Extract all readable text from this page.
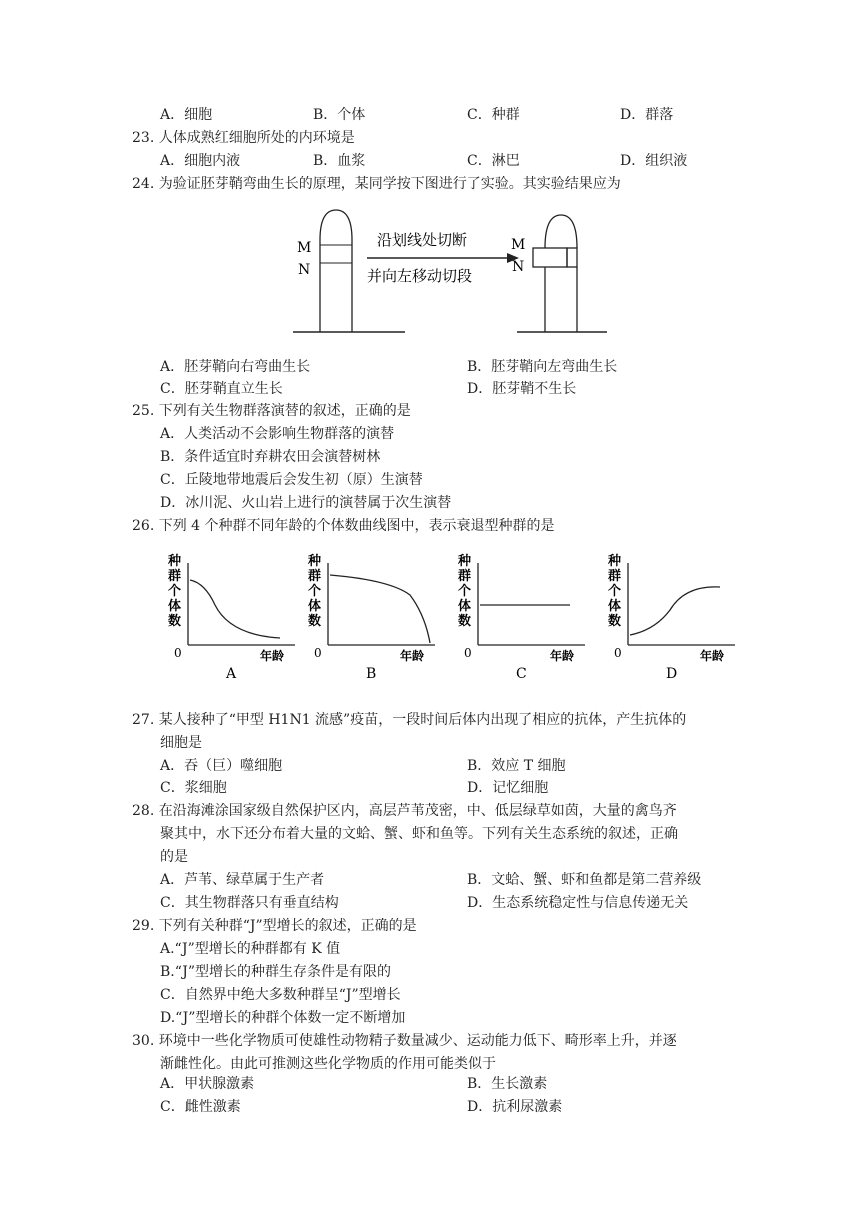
A．细胞	B．个体	C．种群	D．群落
23. 人体成熟红细胞所处的内环境是
A．细胞内液	B．血浆	C．淋巴	D．组织液
24. 为验证胚芽鞘弯曲生长的原理，某同学按下图进行了实验。其实验结果应为
M
N
沿划线处切断
并向左移动切段
M
N
A．胚芽鞘向右弯曲生长	B．胚芽鞘向左弯曲生长
C．胚芽鞘直立生长	D．胚芽鞘不生长
25. 下列有关生物群落演替的叙述，正确的是
A．人类活动不会影响生物群落的演替
B．条件适宜时弃耕农田会演替树林
C．丘陵地带地震后会发生初（原）生演替
D．冰川泥、火山岩上进行的演替属于次生演替
26. 下列 4 个种群不同年龄的个体数曲线图中，表示衰退型种群的是
种
群
个
体
数
0	年龄
A
种
群
个
体
数
0	年龄
B
种
群
个
体
数
0	年龄
C
种
群
个
体
数
0	年龄
D
27. 某人接种了“甲型 H1N1 流感”疫苗，一段时间后体内出现了相应的抗体，产生抗体的
细胞是
A．吞（巨）噬细胞	B．效应 T 细胞
C．浆细胞	D．记忆细胞
28. 在沿海滩涂国家级自然保护区内，高层芦苇茂密，中、低层绿草如茵，大量的禽鸟齐
聚其中，水下还分布着大量的文蛤、蟹、虾和鱼等。下列有关生态系统的叙述，正确
的是
A．芦苇、绿草属于生产者	B．文蛤、蟹、虾和鱼都是第二营养级
C．其生物群落只有垂直结构	D．生态系统稳定性与信息传递无关
29. 下列有关种群“J”型增长的叙述，正确的是
A.“J”型增长的种群都有 K 值
B.“J”型增长的种群生存条件是有限的
C．自然界中绝大多数种群呈“J”型增长
D.“J”型增长的种群个体数一定不断增加
30. 环境中一些化学物质可使雄性动物精子数量减少、运动能力低下、畸形率上升，并逐
渐雌性化。由此可推测这些化学物质的作用可能类似于
A．甲状腺激素	B．生长激素
C．雌性激素	D．抗利尿激素
